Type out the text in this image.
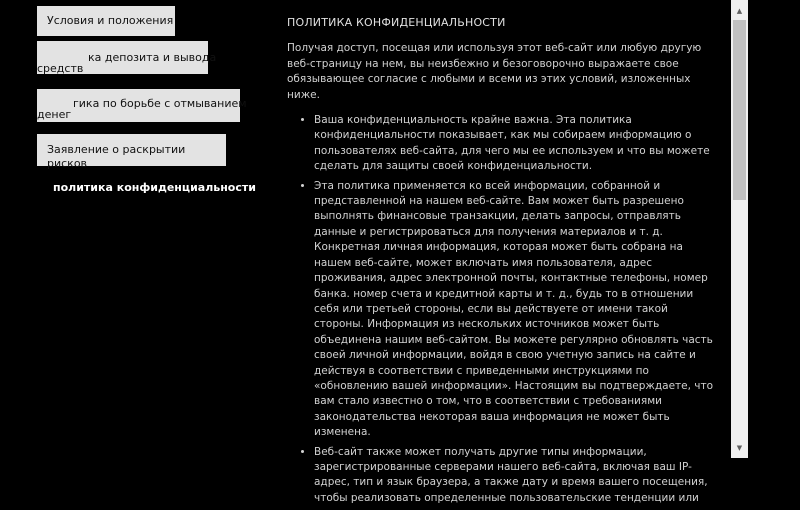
Условия и положения
ка депозита и вывода
средств
гика по борьбе с отмыванием
денег
Заявление о раскрытии рисков
политика конфиденциальности
ПОЛИТИКА КОНФИДЕНЦИАЛЬНОСТИ

Получая доступ, посещая или используя этот веб-сайт или любую другую веб-страницу на нем, вы неизбежно и безоговорочно выражаете свое обязывающее согласие с любыми и всеми из этих условий, изложенных ниже.

• Ваша конфиденциальность крайне важна. Эта политика конфиденциальности показывает, как мы собираем информацию о пользователях веб-сайта, для чего мы ее используем и что вы можете сделать для защиты своей конфиденциальности.
• Эта политика применяется ко всей информации, собранной и представленной на нашем веб-сайте. Вам может быть разрешено выполнять финансовые транзакции, делать запросы, отправлять данные и регистрироваться для получения материалов и т. д. Конкретная личная информация, которая может быть собрана на нашем веб-сайте, может включать имя пользователя, адрес проживания, адрес электронной почты, контактные телефоны, номер банка. номер счета и кредитной карты и т. д., будь то в отношении себя или третьей стороны, если вы действуете от имени такой стороны. Информация из нескольких источников может быть объединена нашим веб-сайтом. Вы можете регулярно обновлять часть своей личной информации, войдя в свою учетную запись на сайте и действуя в соответствии с приведенными инструкциями по «обновлению вашей информации». Настоящим вы подтверждаете, что вам стало известно о том, что в соответствии с требованиями законодательства некоторая ваша информация не может быть изменена.
• Веб-сайт также может получать другие типы информации, зарегистрированные серверами нашего веб-сайта, включая ваш IP-адрес, тип и язык браузера, а также дату и время вашего посещения, чтобы реализовать определенные пользовательские тенденции или
▲
▼
